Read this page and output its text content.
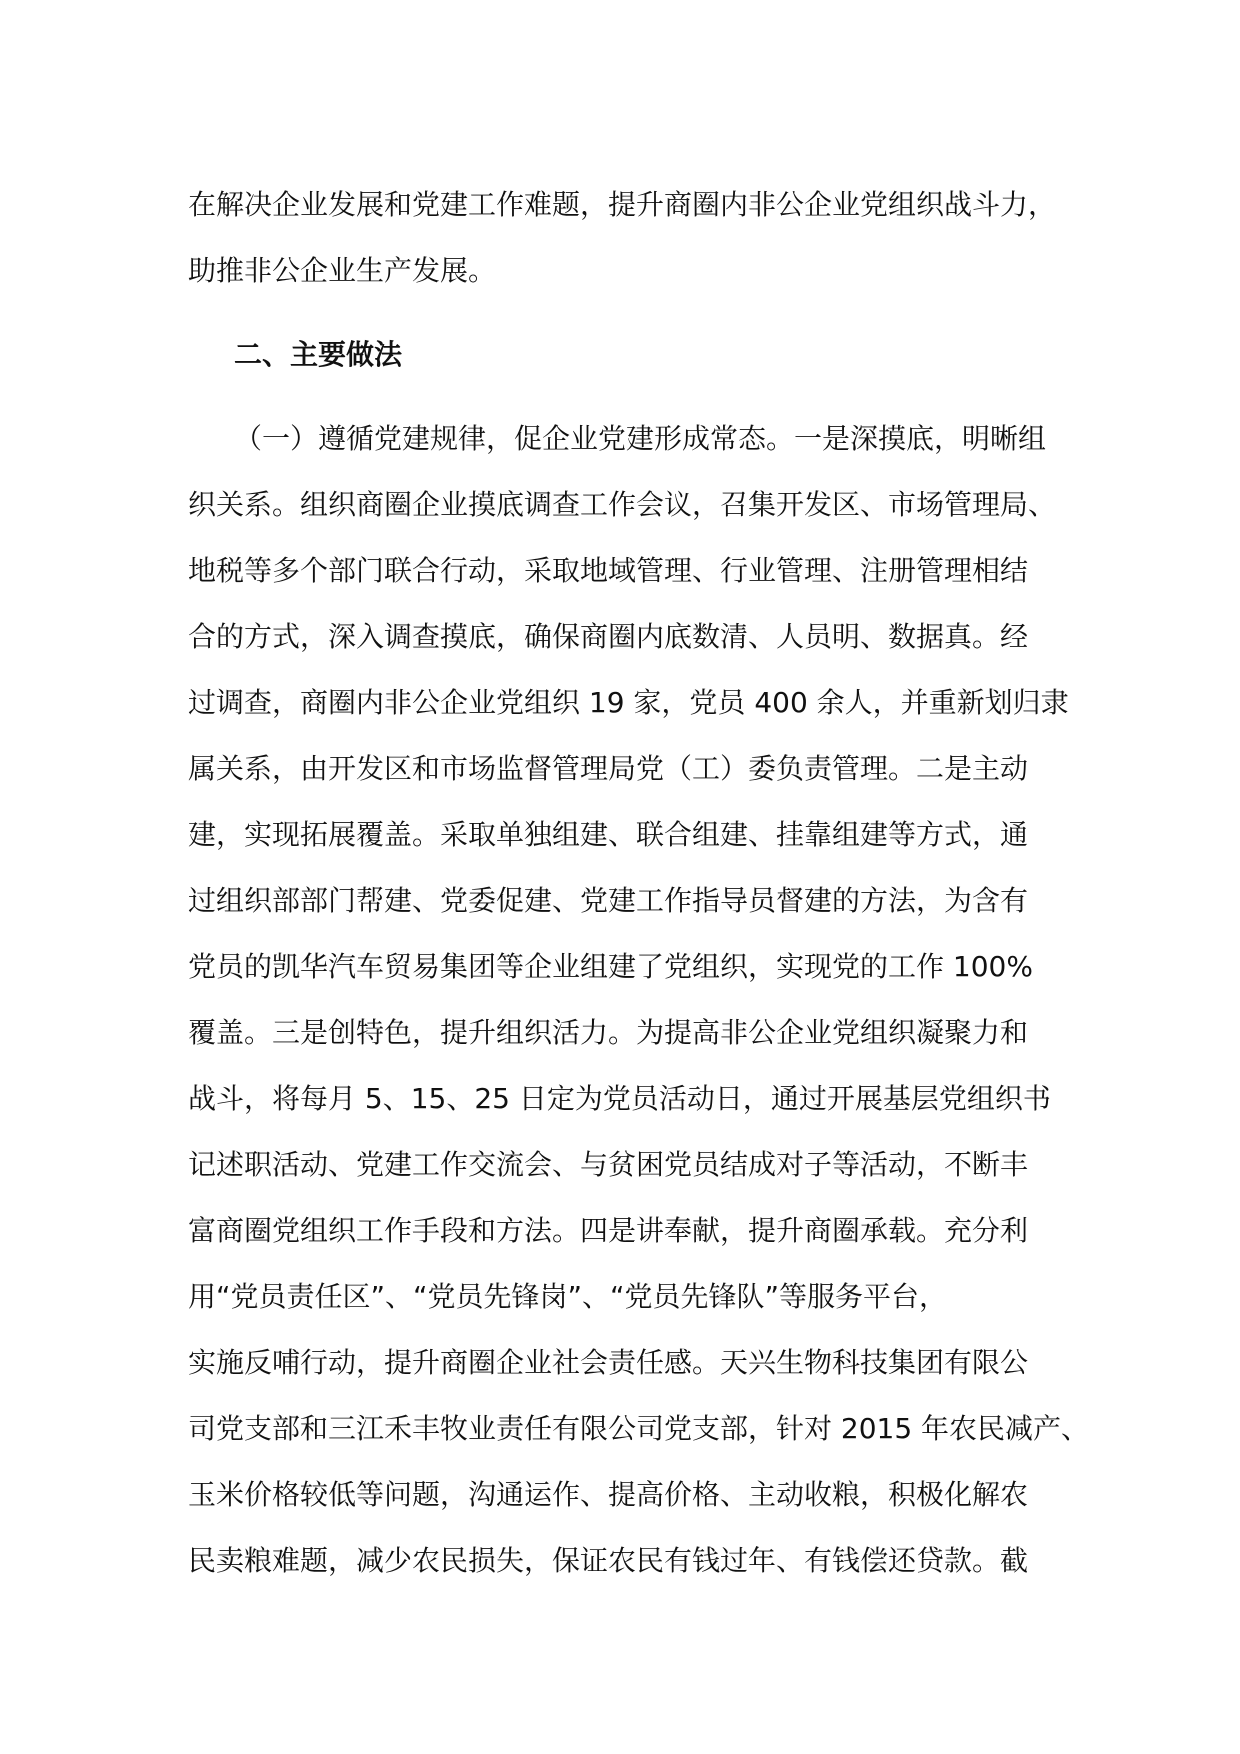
在解决企业发展和党建工作难题，提升商圈内非公企业党组织战斗力，
助推非公企业生产发展。
二、主要做法
（一）遵循党建规律，促企业党建形成常态。一是深摸底，明晰组
织关系。组织商圈企业摸底调查工作会议，召集开发区、市场管理局、
地税等多个部门联合行动，采取地域管理、行业管理、注册管理相结
合的方式，深入调查摸底，确保商圈内底数清、人员明、数据真。经
过调查，商圈内非公企业党组织 19 家，党员 400 余人，并重新划归隶
属关系，由开发区和市场监督管理局党（工）委负责管理。二是主动
建，实现拓展覆盖。采取单独组建、联合组建、挂靠组建等方式，通
过组织部部门帮建、党委促建、党建工作指导员督建的方法，为含有
党员的凯华汽车贸易集团等企业组建了党组织，实现党的工作 100%
覆盖。三是创特色，提升组织活力。为提高非公企业党组织凝聚力和
战斗，将每月 5、15、25 日定为党员活动日，通过开展基层党组织书
记述职活动、党建工作交流会、与贫困党员结成对子等活动，不断丰
富商圈党组织工作手段和方法。四是讲奉献，提升商圈承载。充分利
用“党员责任区”、“党员先锋岗”、“党员先锋队”等服务平台，
实施反哺行动，提升商圈企业社会责任感。天兴生物科技集团有限公
司党支部和三江禾丰牧业责任有限公司党支部，针对 2015 年农民减产、
玉米价格较低等问题，沟通运作、提高价格、主动收粮，积极化解农
民卖粮难题，减少农民损失，保证农民有钱过年、有钱偿还贷款。截
